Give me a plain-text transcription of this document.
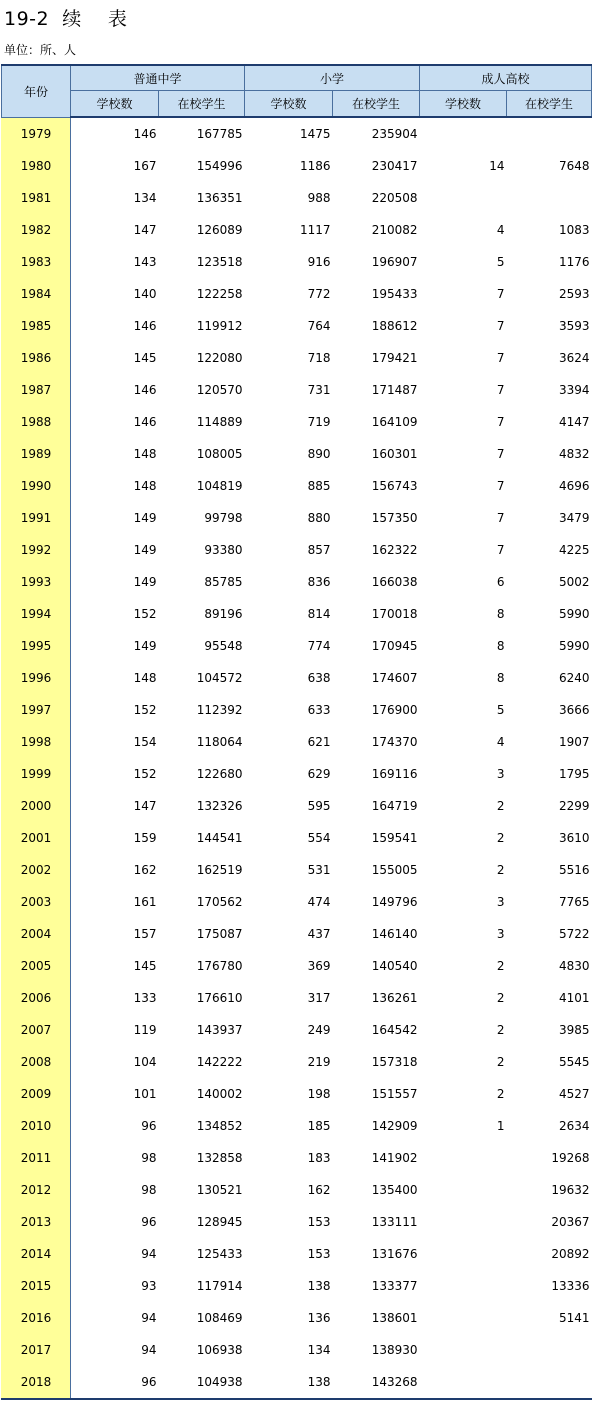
19-2  续    表
单位：所、人
年份	普通中学		小学		成人高校	
	学校数	在校学生	学校数	在校学生	学校数	在校学生
1979	146	167785	1475	235904		
1980	167	154996	1186	230417	14	7648
1981	134	136351	988	220508		
1982	147	126089	1117	210082	4	1083
1983	143	123518	916	196907	5	1176
1984	140	122258	772	195433	7	2593
1985	146	119912	764	188612	7	3593
1986	145	122080	718	179421	7	3624
1987	146	120570	731	171487	7	3394
1988	146	114889	719	164109	7	4147
1989	148	108005	890	160301	7	4832
1990	148	104819	885	156743	7	4696
1991	149	99798	880	157350	7	3479
1992	149	93380	857	162322	7	4225
1993	149	85785	836	166038	6	5002
1994	152	89196	814	170018	8	5990
1995	149	95548	774	170945	8	5990
1996	148	104572	638	174607	8	6240
1997	152	112392	633	176900	5	3666
1998	154	118064	621	174370	4	1907
1999	152	122680	629	169116	3	1795
2000	147	132326	595	164719	2	2299
2001	159	144541	554	159541	2	3610
2002	162	162519	531	155005	2	5516
2003	161	170562	474	149796	3	7765
2004	157	175087	437	146140	3	5722
2005	145	176780	369	140540	2	4830
2006	133	176610	317	136261	2	4101
2007	119	143937	249	164542	2	3985
2008	104	142222	219	157318	2	5545
2009	101	140002	198	151557	2	4527
2010	96	134852	185	142909	1	2634
2011	98	132858	183	141902		19268
2012	98	130521	162	135400		19632
2013	96	128945	153	133111		20367
2014	94	125433	153	131676		20892
2015	93	117914	138	133377		13336
2016	94	108469	136	138601		5141
2017	94	106938	134	138930		
2018	96	104938	138	143268		
